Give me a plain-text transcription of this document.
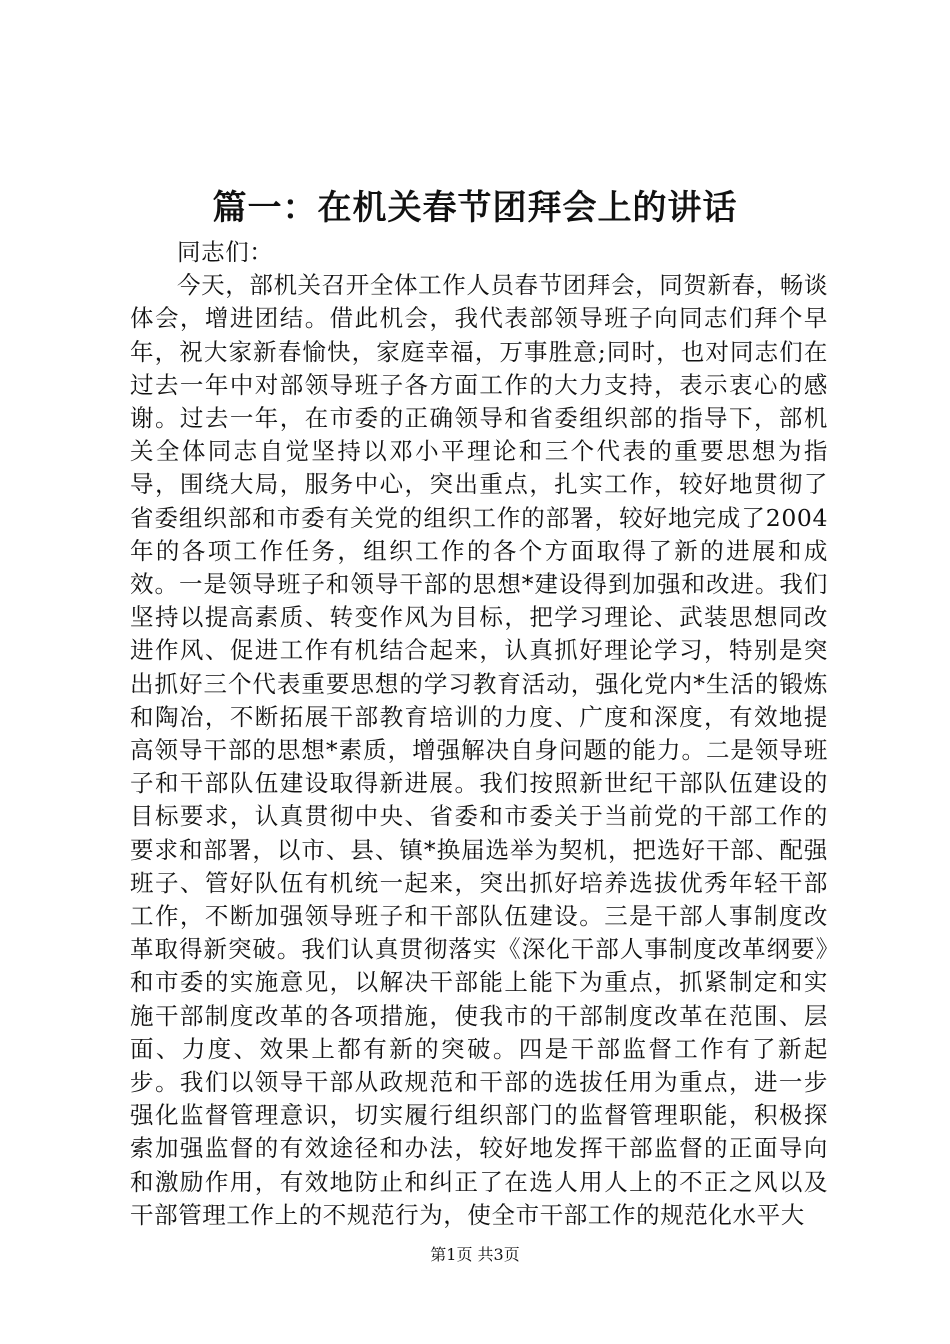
篇一：在机关春节团拜会上的讲话

同志们：

今天，部机关召开全体工作人员春节团拜会，同贺新春，畅谈体会，增进团结。借此机会，我代表部领导班子向同志们拜个早年，祝大家新春愉快，家庭幸福，万事胜意;同时，也对同志们在过去一年中对部领导班子各方面工作的大力支持，表示衷心的感谢。过去一年，在市委的正确领导和省委组织部的指导下，部机关全体同志自觉坚持以邓小平理论和三个代表的重要思想为指导，围绕大局，服务中心，突出重点，扎实工作，较好地贯彻了省委组织部和市委有关党的组织工作的部署，较好地完成了2004年的各项工作任务，组织工作的各个方面取得了新的进展和成效。一是领导班子和领导干部的思想*建设得到加强和改进。我们坚持以提高素质、转变作风为目标，把学习理论、武装思想同改进作风、促进工作有机结合起来，认真抓好理论学习，特别是突出抓好三个代表重要思想的学习教育活动，强化党内*生活的锻炼和陶冶，不断拓展干部教育培训的力度、广度和深度，有效地提高领导干部的思想*素质，增强解决自身问题的能力。二是领导班子和干部队伍建设取得新进展。我们按照新世纪干部队伍建设的目标要求，认真贯彻中央、省委和市委关于当前党的干部工作的要求和部署，以市、县、镇*换届选举为契机，把选好干部、配强班子、管好队伍有机统一起来，突出抓好培养选拔优秀年轻干部工作，不断加强领导班子和干部队伍建设。三是干部人事制度改革取得新突破。我们认真贯彻落实《深化干部人事制度改革纲要》和市委的实施意见，以解决干部能上能下为重点，抓紧制定和实施干部制度改革的各项措施，使我市的干部制度改革在范围、层面、力度、效果上都有新的突破。四是干部监督工作有了新起步。我们以领导干部从政规范和干部的选拔任用为重点，进一步强化监督管理意识，切实履行组织部门的监督管理职能，积极探索加强监督的有效途径和办法，较好地发挥干部监督的正面导向和激励作用，有效地防止和纠正了在选人用人上的不正之风以及干部管理工作上的不规范行为，使全市干部工作的规范化水平大

第1页 共3页
